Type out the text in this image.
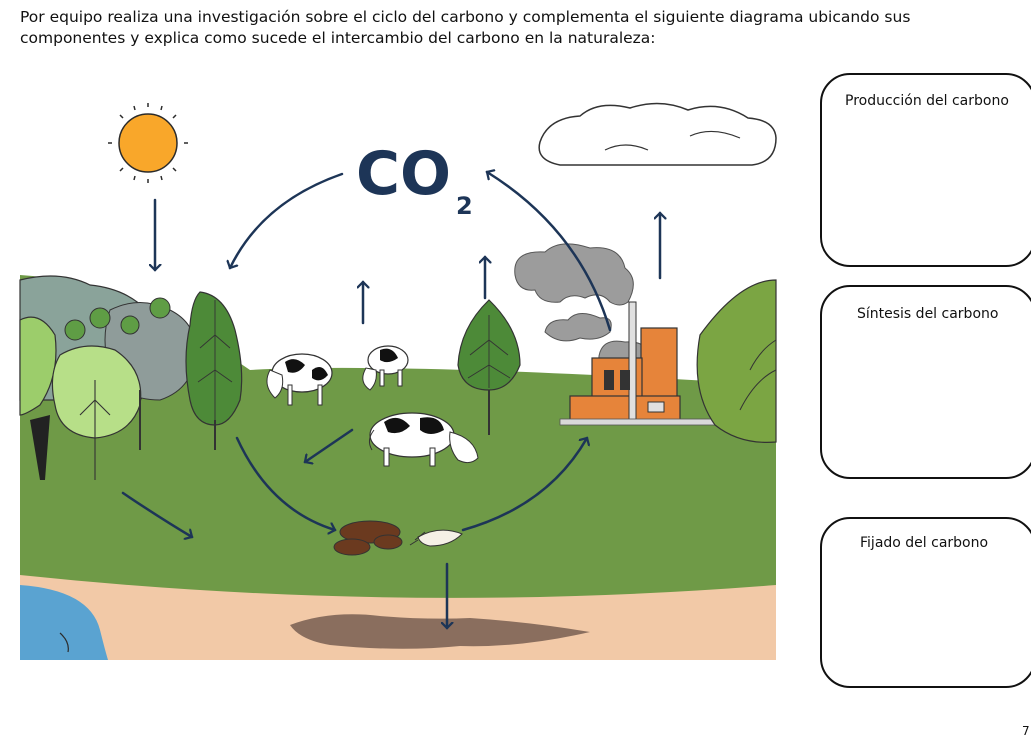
Por equipo realiza una investigación sobre el ciclo del carbono y complementa el siguiente diagrama ubicando sus componentes y explica como sucede el intercambio del carbono en la naturaleza:

CO 2
Producción del carbono
Síntesis del carbono
Fijado del carbono
7
